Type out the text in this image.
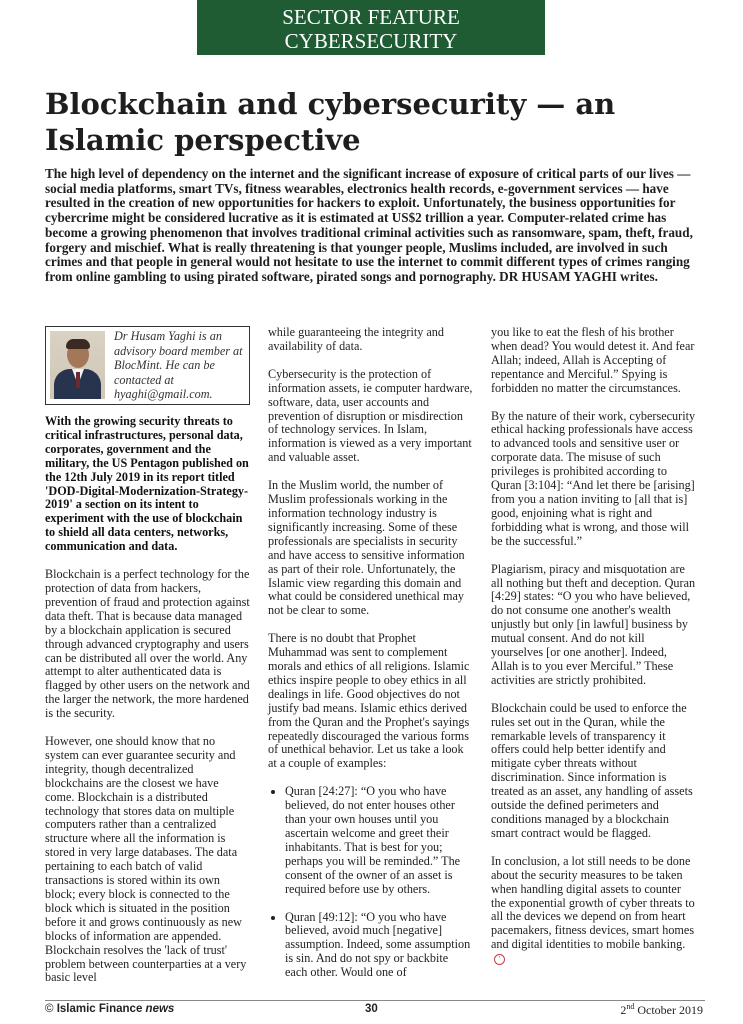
SECTOR FEATURE
CYBERSECURITY
Blockchain and cybersecurity — an Islamic perspective

The high level of dependency on the internet and the significant increase of exposure of critical parts of our lives — social media platforms, smart TVs, fitness wearables, electronics health records, e-government services — have resulted in the creation of new opportunities for hackers to exploit. Unfortunately, the business opportunities for cybercrime might be considered lucrative as it is estimated at US$2 trillion a year. Computer-related crime has become a growing phenomenon that involves traditional criminal activities such as ransomware, spam, theft, fraud, forgery and mischief. What is really threatening is that younger people, Muslims included, are involved in such crimes and that people in general would not hesitate to use the internet to commit different types of crimes ranging from online gambling to using pirated software, pirated songs and pornography. DR HUSAM YAGHI writes.

Dr Husam Yaghi is an advisory board member at BlocMint. He can be contacted at hyaghi@gmail.com.

With the growing security threats to critical infrastructures, personal data, corporates, government and the military, the US Pentagon published on the 12th July 2019 in its report titled 'DOD-Digital-Modernization-Strategy-2019' a section on its intent to experiment with the use of blockchain to shield all data centers, networks, communication and data.

Blockchain is a perfect technology for the protection of data from hackers, prevention of fraud and protection against data theft. That is because data managed by a blockchain application is secured through advanced cryptography and users can be distributed all over the world. Any attempt to alter authenticated data is flagged by other users on the network and the larger the network, the more hardened is the security.

However, one should know that no system can ever guarantee security and integrity, though decentralized blockchains are the closest we have come. Blockchain is a distributed technology that stores data on multiple computers rather than a centralized structure where all the information is stored in very large databases. The data pertaining to each batch of valid transactions is stored within its own block; every block is connected to the block which is situated in the position before it and grows continuously as new blocks of information are appended. Blockchain resolves the 'lack of trust' problem between counterparties at a very basic level

while guaranteeing the integrity and availability of data.

Cybersecurity is the protection of information assets, ie computer hardware, software, data, user accounts and prevention of disruption or misdirection of technology services. In Islam, information is viewed as a very important and valuable asset.

In the Muslim world, the number of Muslim professionals working in the information technology industry is significantly increasing. Some of these professionals are specialists in security and have access to sensitive information as part of their role. Unfortunately, the Islamic view regarding this domain and what could be considered unethical may not be clear to some.

There is no doubt that Prophet Muhammad was sent to complement morals and ethics of all religions. Islamic ethics inspire people to obey ethics in all dealings in life. Good objectives do not justify bad means. Islamic ethics derived from the Quran and the Prophet's sayings repeatedly discouraged the various forms of unethical behavior. Let us take a look at a couple of examples:

• Quran [24:27]: “O you who have believed, do not enter houses other than your own houses until you ascertain welcome and greet their inhabitants. That is best for you; perhaps you will be reminded.” The consent of the owner of an asset is required before use by others.
• Quran [49:12]: “O you who have believed, avoid much [negative] assumption. Indeed, some assumption is sin. And do not spy or backbite each other. Would one of

you like to eat the flesh of his brother when dead? You would detest it. And fear Allah; indeed, Allah is Accepting of repentance and Merciful.” Spying is forbidden no matter the circumstances.

By the nature of their work, cybersecurity ethical hacking professionals have access to advanced tools and sensitive user or corporate data. The misuse of such privileges is prohibited according to Quran [3:104]: “And let there be [arising] from you a nation inviting to [all that is] good, enjoining what is right and forbidding what is wrong, and those will be the successful.”

Plagiarism, piracy and misquotation are all nothing but theft and deception. Quran [4:29] states: “O you who have believed, do not consume one another's wealth unjustly but only [in lawful] business by mutual consent. And do not kill yourselves [or one another]. Indeed, Allah is to you ever Merciful.” These activities are strictly prohibited.

Blockchain could be used to enforce the rules set out in the Quran, while the remarkable levels of transparency it offers could help better identify and mitigate cyber threats without discrimination. Since information is treated as an asset, any handling of assets outside the defined perimeters and conditions managed by a blockchain smart contract would be flagged.

In conclusion, a lot still needs to be done about the security measures to be taken when handling digital assets to counter the exponential growth of cyber threats to all the devices we depend on from heart pacemakers, fitness devices, smart homes and digital identities to mobile banking.’

© Islamic Finance news	30	2nd October 2019
